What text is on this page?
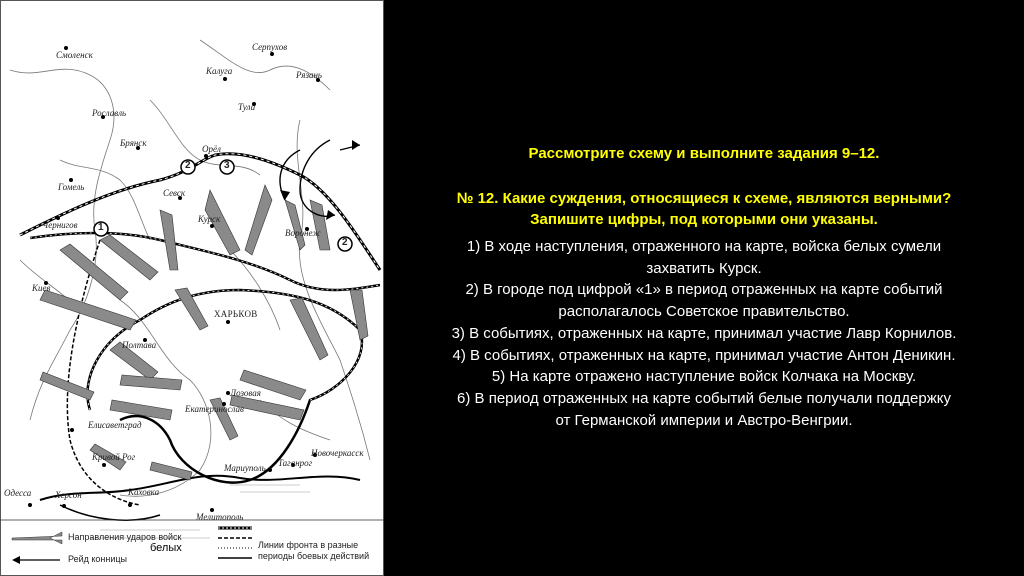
1
2
2	3
Смоленск
Серпухов
Калуга	Рязань
Рославль
Тула
Брянск
Орёл
Гомель
Севск
Курск
Чернигов
Воронеж
Киев
ХАРЬКОВ
Полтава
Лозовая
Елисаветград
Екатеринослав
Кривой Рог	Новочеркасск
Мариуполь Таганрог
Одесса	Херсон	Каховка
Мелитополь
Направления ударов войск
белых
Рейд конницы
Линии фронта в разные
периоды боевых действий
Рассмотрите схему и выполните задания 9–12.
№ 12. Какие суждения, относящиеся к схеме, являются верными?
Запишите цифры, под которыми они указаны.
1) В ходе наступления, отраженного на карте, войска белых сумели
захватить Курск.
2) В городе под цифрой «1» в период отраженных на карте событий
располагалось Советское правительство.
3) В событиях, отраженных на карте, принимал участие Лавр Корнилов.
4) В событиях, отраженных на карте, принимал участие Антон Деникин.
5) На карте отражено наступление войск Колчака на Москву.
6) В период отраженных на карте событий белые получали поддержку
от Германской империи и Австро-Венгрии.
